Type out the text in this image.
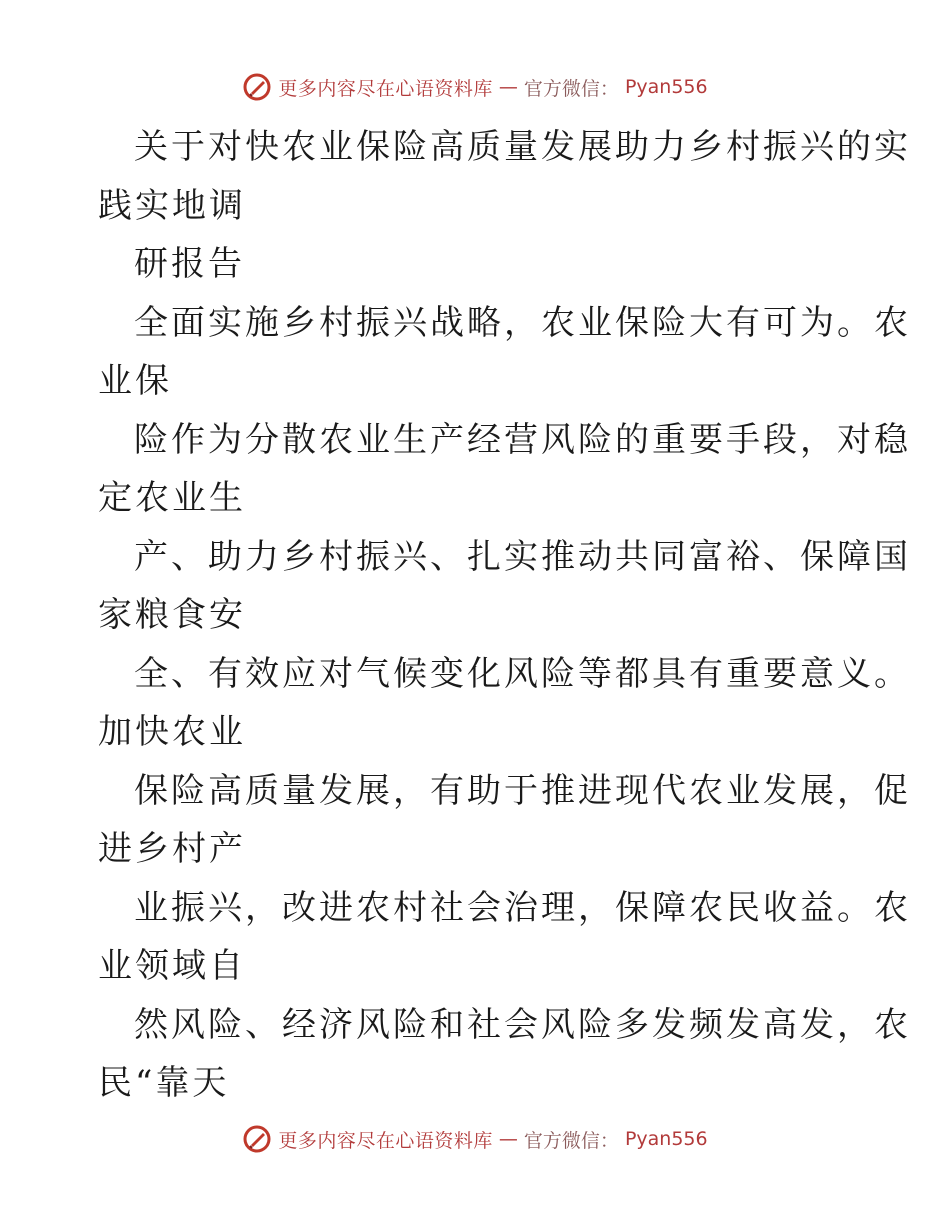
更多内容尽在心语资料库 — 官方微信： Pyan556
关于对快农业保险高质量发展助力乡村振兴的实
践实地调
研报告
全面实施乡村振兴战略，农业保险大有可为。农
业保
险作为分散农业生产经营风险的重要手段，对稳
定农业生
产、助力乡村振兴、扎实推动共同富裕、保障国
家粮食安
全、有效应对气候变化风险等都具有重要意义。
加快农业
保险高质量发展，有助于推进现代农业发展，促
进乡村产
业振兴，改进农村社会治理，保障农民收益。农
业领域自
然风险、经济风险和社会风险多发频发高发，农
民“靠天
更多内容尽在心语资料库 — 官方微信： Pyan556
